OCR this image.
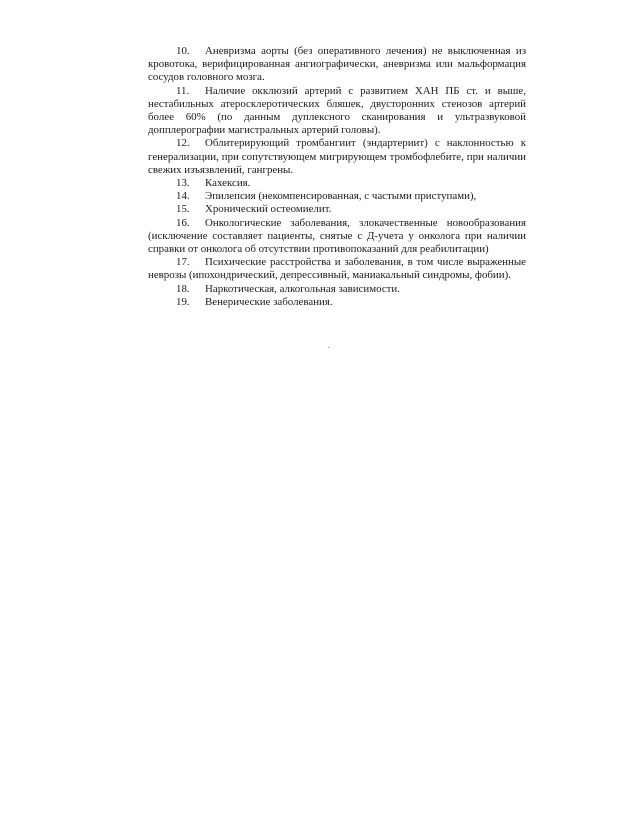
10. Аневризма аорты (без оперативного лечения) не выключенная из кровотока, верифицированная ангиографически, аневризма или мальформация сосудов головного мозга.

11. Наличие окклюзий артерий с развитием ХАН ПБ ст. и выше, нестабильных атеросклеротических бляшек, двусторонних стенозов артерий более 60% (по данным дуплексного сканирования и ультразвуковой допплерографии магистральных артерий головы).

12. Облитерирующий тромбангиит (эндартериит) с наклонностью к генерализации, при сопутствующем мигрирующем тромбофлебите, при наличии свежих изъязвлений, гангрены.

13. Кахексия.

14. Эпилепсия (некомпенсированная, с частыми приступами),

15. Хронический остеомиелит.

16. Онкологические заболевания, злокачественные новообразования (исключение составляет пациенты, снятые с Д-учета у онколога при наличии справки от онколога об отсутствии противопоказаний для реабилитации)

17. Психические расстройства и заболевания, в том числе выраженные неврозы (ипохондрический, депрессивный, маниакальный синдромы, фобии).

18. Наркотическая, алкогольная зависимости.

19. Венерические заболевания.
